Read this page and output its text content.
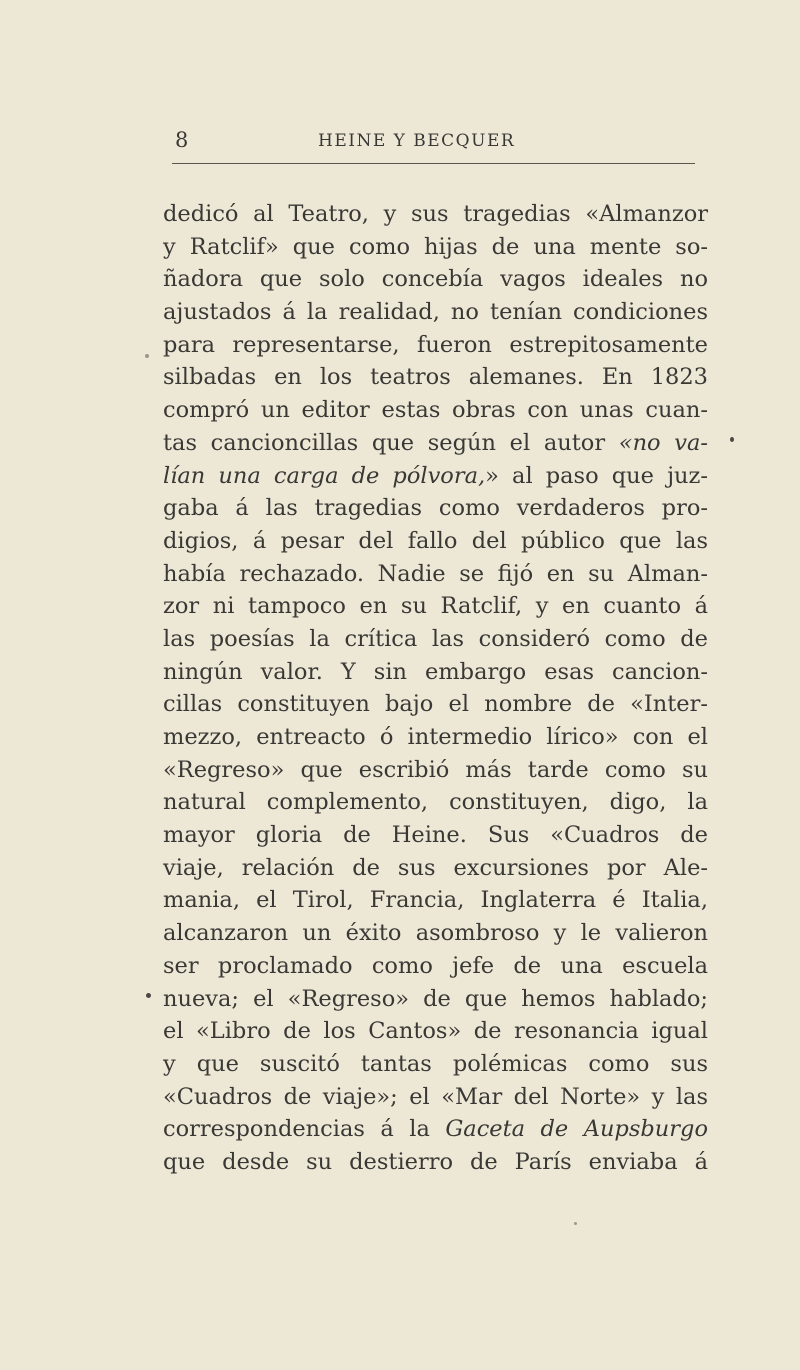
8	HEINE Y BECQUER
dedicó al Teatro, y sus tragedias «Almanzor
y Ratclif» que como hijas de una mente so-
ñadora que solo concebía vagos ideales no
ajustados á la realidad, no tenían condiciones
para representarse, fueron estrepitosamente
silbadas en los teatros alemanes. En 1823
compró un editor estas obras con unas cuan-
tas cancioncillas que según el autor «no va-
lían una carga de pólvora,» al paso que juz-
gaba á las tragedias como verdaderos pro-
digios, á pesar del fallo del público que las
había rechazado. Nadie se fijó en su Alman-
zor ni tampoco en su Ratclif, y en cuanto á
las poesías la crítica las consideró como de
ningún valor. Y sin embargo esas cancion-
cillas constituyen bajo el nombre de «Inter-
mezzo, entreacto ó intermedio lírico» con el
«Regreso» que escribió más tarde como su
natural complemento, constituyen, digo, la
mayor gloria de Heine. Sus «Cuadros de
viaje, relación de sus excursiones por Ale-
mania, el Tirol, Francia, Inglaterra é Italia,
alcanzaron un éxito asombroso y le valieron
ser proclamado como jefe de una escuela
nueva; el «Regreso» de que hemos hablado;
el «Libro de los Cantos» de resonancia igual
y que suscitó tantas polémicas como sus
«Cuadros de viaje»; el «Mar del Norte» y las
correspondencias á la Gaceta de Aupsburgo
que desde su destierro de París enviaba á
